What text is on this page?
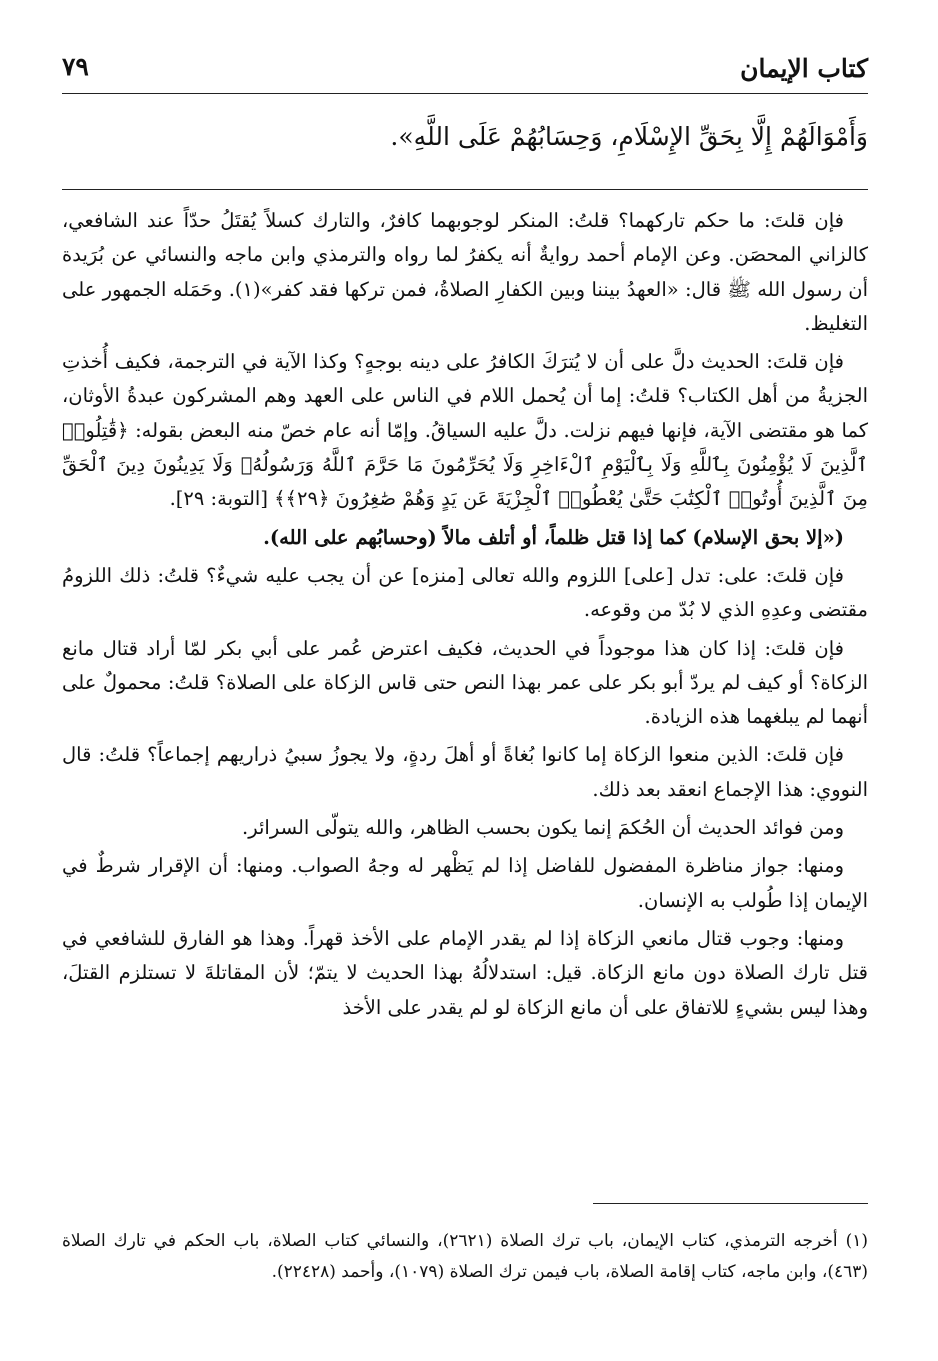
كتاب الإيمان
٧٩
وَأَمْوَالَهُمْ إِلَّا بِحَقِّ الإِسْلَامِ، وَحِسَابُهُمْ عَلَى اللَّهِ».

فإن قلتَ: ما حكم تاركهما؟ قلتُ: المنكر لوجوبهما كافرٌ، والتارك كسلاً يُقتَلُ حدّاً عند الشافعي، كالزاني المحصَن. وعن الإمام أحمد روايةٌ أنه يكفرُ لما رواه والترمذي وابن ماجه والنسائي عن بُرَيدة أن رسول الله ﷺ قال: «العهدُ بيننا وبين الكفارِ الصلاةُ، فمن تركها فقد كفر»(١). وحَمَله الجمهور على التغليظ.

فإن قلتَ: الحديث دلَّ على أن لا يُترَكَ الكافرُ على دينه بوجهٍ؟ وكذا الآية في الترجمة، فكيف أُخذتِ الجزيةُ من أهل الكتاب؟ قلتُ: إما أن يُحمل اللام في الناس على العهد وهم المشركون عبدةُ الأوثان، كما هو مقتضى الآية، فإنها فيهم نزلت. دلَّ عليه السياقُ. وإمّا أنه عام خصّ منه البعض بقوله: ﴿قَٰتِلُوا۟ ٱلَّذِينَ لَا يُؤْمِنُونَ بِٱللَّهِ وَلَا بِٱلْيَوْمِ ٱلْءَاخِرِ وَلَا يُحَرِّمُونَ مَا حَرَّمَ ٱللَّهُ وَرَسُولُهُۥ وَلَا يَدِينُونَ دِينَ ٱلْحَقِّ مِنَ ٱلَّذِينَ أُوتُوا۟ ٱلْكِتَٰبَ حَتَّىٰ يُعْطُوا۟ ٱلْجِزْيَةَ عَن يَدٍ وَهُمْ صَٰغِرُونَ ﴿٢٩﴾﴾ [التوبة: ٢٩].

(«إلا بحق الإسلام) كما إذا قتل ظلماً، أو أتلف مالاً (وحسابُهم على الله).

فإن قلتَ: على: تدل [على] اللزوم والله تعالى [منزه] عن أن يجب عليه شيءٌ؟ قلتُ: ذلك اللزومُ مقتضى وعدِهِ الذي لا بُدّ من وقوعه.

فإن قلتَ: إذا كان هذا موجوداً في الحديث، فكيف اعترض عُمر على أبي بكر لمّا أراد قتال مانع الزكاة؟ أو كيف لم يردّ أبو بكر على عمر بهذا النص حتى قاس الزكاة على الصلاة؟ قلتُ: محمولٌ على أنهما لم يبلغهما هذه الزيادة.

فإن قلتَ: الذين منعوا الزكاة إما كانوا بُغاةً أو أهلَ ردةٍ، ولا يجوزُ سبيُ ذراريهم إجماعاً؟ قلتُ: قال النووي: هذا الإجماع انعقد بعد ذلك.

ومن فوائد الحديث أن الحُكمَ إنما يكون بحسب الظاهر، والله يتولّى السرائر.

ومنها: جواز مناظرة المفضول للفاضل إذا لم يَظْهر له وجهُ الصواب. ومنها: أن الإقرار شرطٌ في الإيمان إذا طُولب به الإنسان.

ومنها: وجوب قتال مانعي الزكاة إذا لم يقدر الإمام على الأخذ قهراً. وهذا هو الفارق للشافعي في قتل تارك الصلاة دون مانع الزكاة. قيل: استدلالُهُ بهذا الحديث لا يتمّ؛ لأن المقاتلةَ لا تستلزم القتلَ، وهذا ليس بشيءٍ للاتفاق على أن مانع الزكاة لو لم يقدر على الأخذ

(١)أخرجه الترمذي، كتاب الإيمان، باب ترك الصلاة (٢٦٢١)، والنسائي كتاب الصلاة، باب الحكم في تارك الصلاة (٤٦٣)، وابن ماجه، كتاب إقامة الصلاة، باب فيمن ترك الصلاة (١٠٧٩)، وأحمد (٢٢٤٢٨).
